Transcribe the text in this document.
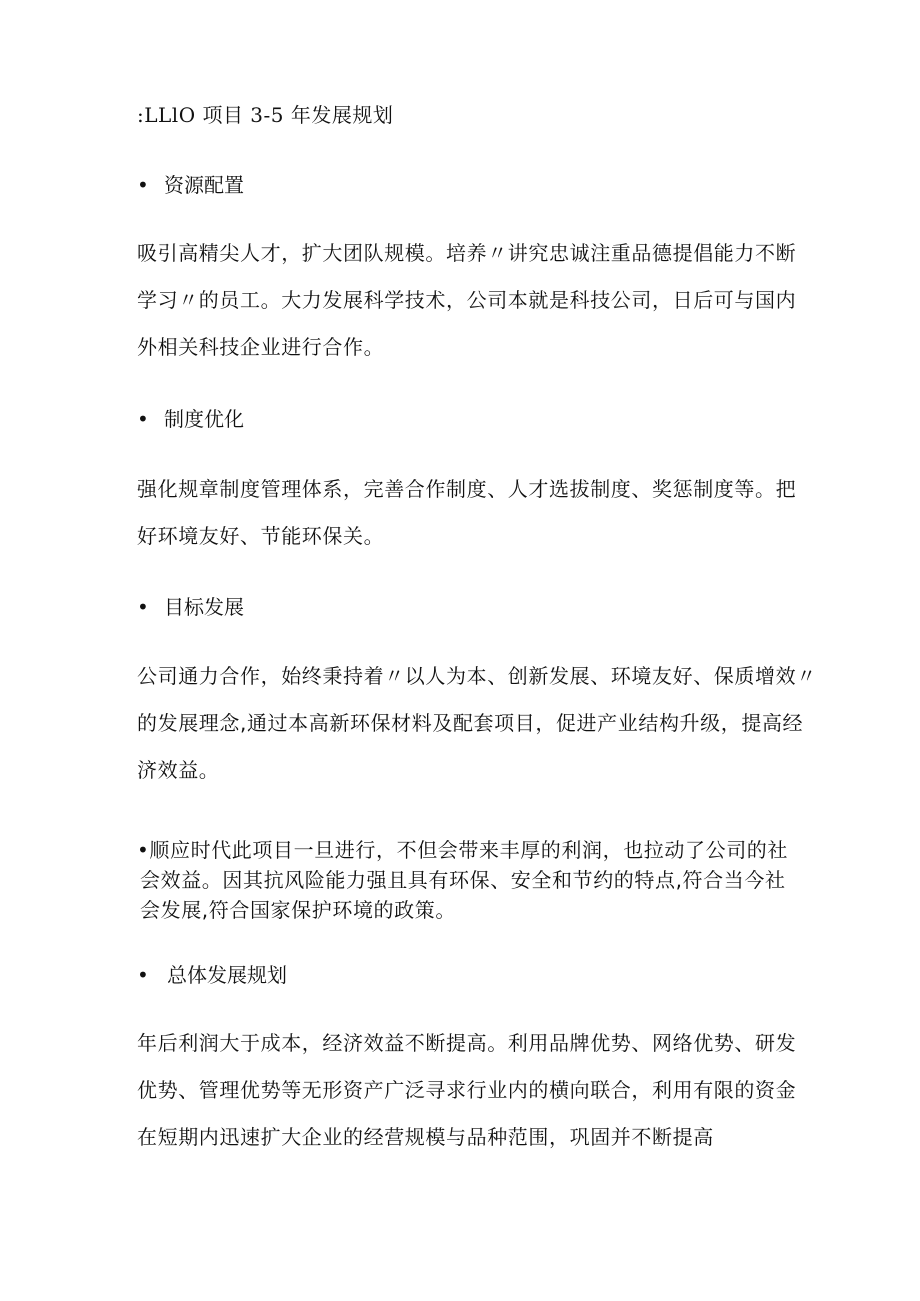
:LLlO 项目 3-5 年发展规划
• 资源配置
吸引高精尖人才，扩大团队规模。培养〃讲究忠诚注重品德提倡能力不断
学习〃的员工。大力发展科学技术，公司本就是科技公司，日后可与国内
外相关科技企业进行合作。
• 制度优化
强化规章制度管理体系，完善合作制度、人才选拔制度、奖惩制度等。把
好环境友好、节能环保关。
• 目标发展
公司通力合作，始终秉持着〃以人为本、创新发展、环境友好、保质增效〃
的发展理念,通过本高新环保材料及配套项目，促进产业结构升级，提高经
济效益。
•顺应时代此项目一旦进行，不但会带来丰厚的利润，也拉动了公司的社
会效益。因其抗风险能力强且具有环保、安全和节约的特点,符合当今社
会发展,符合国家保护环境的政策。
• 总体发展规划
年后利润大于成本，经济效益不断提高。利用品牌优势、网络优势、研发
优势、管理优势等无形资产广泛寻求行业内的横向联合，利用有限的资金
在短期内迅速扩大企业的经营规模与品种范围，巩固并不断提高
